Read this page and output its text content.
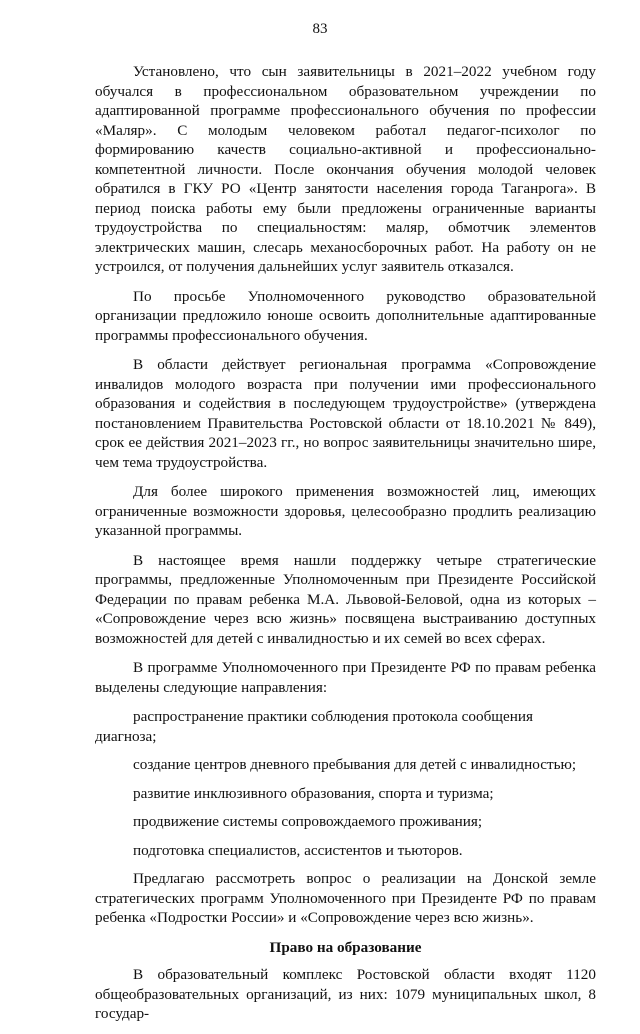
83

Установлено, что сын заявительницы в 2021–2022 учебном году обучался в профессиональном образовательном учреждении по адаптированной программе профессионального обучения по профессии «Маляр». С молодым человеком работал педагог-психолог по формированию качеств социально-активной и профессионально-компетентной личности. После окончания обучения молодой человек обратился в ГКУ РО «Центр занятости населения города Таганрога». В период поиска работы ему были предложены ограниченные варианты трудоустройства по специальностям: маляр, обмотчик элементов электрических машин, слесарь механосборочных работ. На работу он не устроился, от получения дальнейших услуг заявитель отказался.

По просьбе Уполномоченного руководство образовательной организации предложило юноше освоить дополнительные адаптированные программы профессионального обучения.

В области действует региональная программа «Сопровождение инвалидов молодого возраста при получении ими профессионального образования и содействия в последующем трудоустройстве» (утверждена постановлением Правительства Ростовской области от 18.10.2021 № 849), срок ее действия 2021–2023 гг., но вопрос заявительницы значительно шире, чем тема трудоустройства.

Для более широкого применения возможностей лиц, имеющих ограниченные возможности здоровья, целесообразно продлить реализацию указанной программы.

В настоящее время нашли поддержку четыре стратегические программы, предложенные Уполномоченным при Президенте Российской Федерации по правам ребенка М.А. Львовой-Беловой, одна из которых – «Сопровождение через всю жизнь» посвящена выстраиванию доступных возможностей для детей с инвалидностью и их семей во всех сферах.

В программе Уполномоченного при Президенте РФ по правам ребенка выделены следующие направления:

распространение практики соблюдения протокола сообщения диагноза;
создание центров дневного пребывания для детей с инвалидностью;
развитие инклюзивного образования, спорта и туризма;
продвижение системы сопровождаемого проживания;
подготовка специалистов, ассистентов и тьюторов.

Предлагаю рассмотреть вопрос о реализации на Донской земле стратегических программ Уполномоченного при Президенте РФ по правам ребенка «Подростки России» и «Сопровождение через всю жизнь».

Право на образование

В образовательный комплекс Ростовской области входят 1120 общеобразовательных организаций, из них: 1079 муниципальных школ, 8 государ-
